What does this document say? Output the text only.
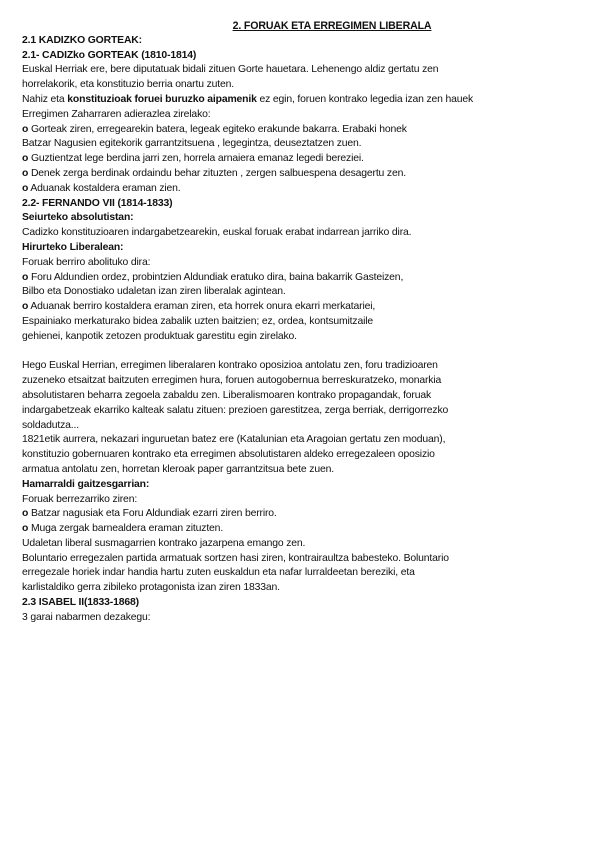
2. FORUAK ETA ERREGIMEN LIBERALA
2.1 KADIZKO GORTEAK:
2.1- CADIZko GORTEAK (1810-1814)
Euskal Herriak ere, bere diputatuak bidali zituen Gorte hauetara. Lehenengo aldiz gertatu zen
horrelakorik, eta konstituzio berria onartu zuten.
Nahiz eta konstituzioak foruei buruzko aipamenik ez egin, foruen kontrako legedia izan zen hauek
Erregimen Zaharraren adierazlea zirelako:
o Gorteak ziren, erregearekin batera, legeak egiteko erakunde bakarra. Erabaki honek
Batzar Nagusien egitekorik garrantzitsuena , legegintza, deuseztatzen zuen.
o Guztientzat lege berdina jarri zen, horrela arnaiera emanaz legedi bereziei.
o Denek zerga berdinak ordaindu behar zituzten , zergen salbuespena desagertu zen.
o Aduanak kostaldera eraman zien.
2.2- FERNANDO VII (1814-1833)
Seiurteko absolutistan:
Cadizko konstituzioaren indargabetzearekin, euskal foruak erabat indarrean jarriko dira.
Hirurteko Liberalean:
Foruak berriro abolituko dira:
o Foru Aldundien ordez, probintzien Aldundiak eratuko dira, baina bakarrik Gasteizen,
Bilbo eta Donostiako udaletan izan ziren liberalak agintean.
o Aduanak berriro kostaldera eraman ziren, eta horrek onura ekarri merkatariei,
Espainiako merkaturako bidea zabalik uzten baitzien; ez, ordea, kontsumitzaile
gehienei, kanpotik zetozen produktuak garestitu egin zirelako.
Hego Euskal Herrian, erregimen liberalaren kontrako oposizioa antolatu zen, foru tradizioaren
zuzeneko etsaitzat baitzuten erregimen hura, foruen autogobernua berreskuratzeko, monarkia
absolutistaren beharra zegoela zabaldu zen. Liberalismoaren kontrako propagandak, foruak
indargabetzeak ekarriko kalteak salatu zituen: prezioen garestitzea, zerga berriak, derrigorrezko
soldadutza...
1821etik aurrera, nekazari inguruetan batez ere (Katalunian eta Aragoian gertatu zen moduan),
konstituzio gobernuaren kontrako eta erregimen absolutistaren aldeko erregezaleen oposizio
armatua antolatu zen, horretan kleroak paper garrantzitsua bete zuen.
Hamarraldi gaitzesgarrian:
Foruak berrezarriko ziren:
o Batzar nagusiak eta Foru Aldundiak ezarri ziren berriro.
o Muga zergak barnealdera eraman zituzten.
Udaletan liberal susmagarrien kontrako jazarpena emango zen.
Boluntario erregezalen partida armatuak sortzen hasi ziren, kontrairaultza babesteko. Boluntario
erregezale horiek indar handia hartu zuten euskaldun eta nafar lurraldeetan bereziki, eta
karlistaldiko gerra zibileko protagonista izan ziren 1833an.
2.3 ISABEL II(1833-1868)
3 garai nabarmen dezakegu:
